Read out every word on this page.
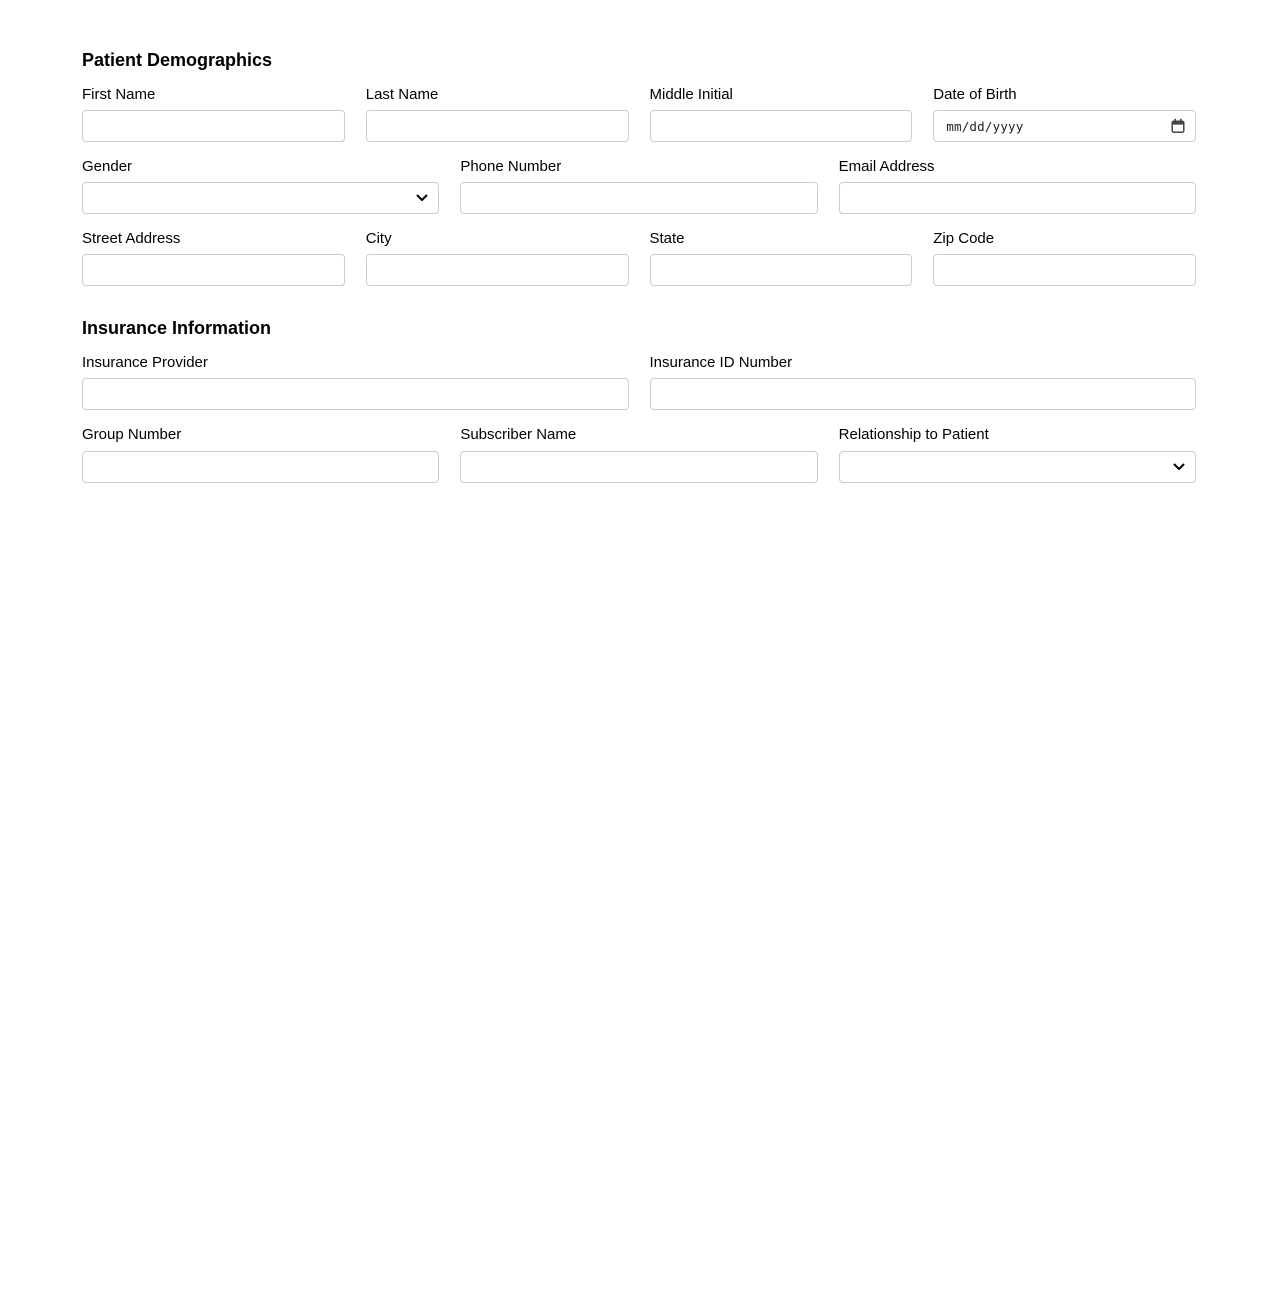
Patient Demographics
First Name	Last Name	Middle Initial	Date of Birth
mm/dd/yyyy
Gender	Phone Number	Email Address
Street Address	City	State	Zip Code
Insurance Information
Insurance Provider	Insurance ID Number
Group Number	Subscriber Name	Relationship to Patient
